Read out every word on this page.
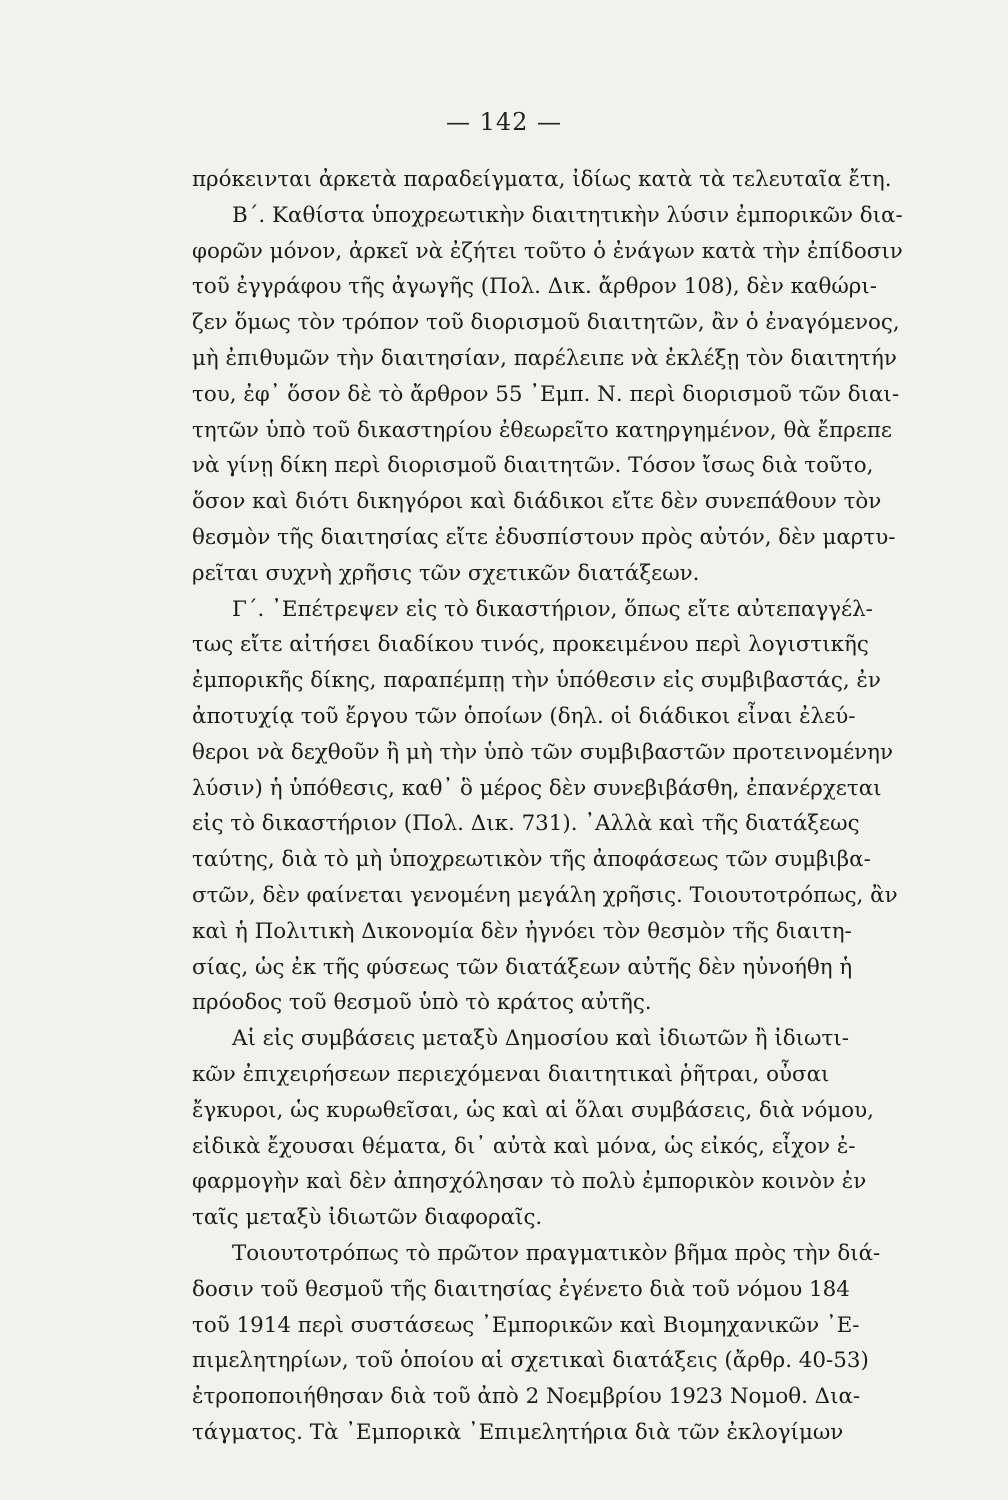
— 142 —
πρόκεινται ἀρκετὰ παραδείγματα, ἰδίως κατὰ τὰ τελευταῖα ἔτη.
Β΄. Καθίστα ὑποχρεωτικὴν διαιτητικὴν λύσιν ἐμπορικῶν δια-
φορῶν μόνον, ἀρκεῖ νὰ ἐζήτει τοῦτο ὁ ἐνάγων κατὰ τὴν ἐπίδοσιν
τοῦ ἐγγράφου τῆς ἀγωγῆς (Πολ. Δικ. ἄρθρον 108), δὲν καθώρι-
ζεν ὅμως τὸν τρόπον τοῦ διορισμοῦ διαιτητῶν, ἂν ὁ ἐναγόμενος,
μὴ ἐπιθυμῶν τὴν διαιτησίαν, παρέλειπε νὰ ἐκλέξῃ τὸν διαιτητήν
του, ἐφ᾽ ὅσον δὲ τὸ ἄρθρον 55 ᾿Εμπ. Ν. περὶ διορισμοῦ τῶν διαι-
τητῶν ὑπὸ τοῦ δικαστηρίου ἐθεωρεῖτο κατηργημένον, θὰ ἔπρεπε
νὰ γίνῃ δίκη περὶ διορισμοῦ διαιτητῶν. Τόσον ἴσως διὰ τοῦτο,
ὅσον καὶ διότι δικηγόροι καὶ διάδικοι εἴτε δὲν συνεπάθουν τὸν
θεσμὸν τῆς διαιτησίας εἴτε ἐδυσπίστουν πρὸς αὐτόν, δὲν μαρτυ-
ρεῖται συχνὴ χρῆσις τῶν σχετικῶν διατάξεων.
Γ΄. ᾿Επέτρεψεν εἰς τὸ δικαστήριον, ὅπως εἴτε αὐτεπαγγέλ-
τως εἴτε αἰτήσει διαδίκου τινός, προκειμένου περὶ λογιστικῆς
ἐμπορικῆς δίκης, παραπέμπῃ τὴν ὑπόθεσιν εἰς συμβιβαστάς, ἐν
ἀποτυχίᾳ τοῦ ἔργου τῶν ὁποίων (δηλ. οἱ διάδικοι εἶναι ἐλεύ-
θεροι νὰ δεχθοῦν ἢ μὴ τὴν ὑπὸ τῶν συμβιβαστῶν προτεινομένην
λύσιν) ἡ ὑπόθεσις, καθ᾽ ὃ μέρος δὲν συνεβιβάσθη, ἐπανέρχεται
εἰς τὸ δικαστήριον (Πολ. Δικ. 731). ᾿Αλλὰ καὶ τῆς διατάξεως
ταύτης, διὰ τὸ μὴ ὑποχρεωτικὸν τῆς ἀποφάσεως τῶν συμβιβα-
στῶν, δὲν φαίνεται γενομένη μεγάλη χρῆσις. Τοιουτοτρόπως, ἂν
καὶ ἡ Πολιτικὴ Δικονομία δὲν ἠγνόει τὸν θεσμὸν τῆς διαιτη-
σίας, ὡς ἐκ τῆς φύσεως τῶν διατάξεων αὐτῆς δὲν ηὐνοήθη ἡ
πρόοδος τοῦ θεσμοῦ ὑπὸ τὸ κράτος αὐτῆς.
Αἱ εἰς συμβάσεις μεταξὺ Δημοσίου καὶ ἰδιωτῶν ἢ ἰδιωτι-
κῶν ἐπιχειρήσεων περιεχόμεναι διαιτητικαὶ ῥῆτραι, οὖσαι
ἔγκυροι, ὡς κυρωθεῖσαι, ὡς καὶ αἱ ὅλαι συμβάσεις, διὰ νόμου,
εἰδικὰ ἔχουσαι θέματα, δι᾽ αὐτὰ καὶ μόνα, ὡς εἰκός, εἶχον ἐ-
φαρμογὴν καὶ δὲν ἀπησχόλησαν τὸ πολὺ ἐμπορικὸν κοινὸν ἐν
ταῖς μεταξὺ ἰδιωτῶν διαφοραῖς.
Τοιουτοτρόπως τὸ πρῶτον πραγματικὸν βῆμα πρὸς τὴν διά-
δοσιν τοῦ θεσμοῦ τῆς διαιτησίας ἐγένετο διὰ τοῦ νόμου 184
τοῦ 1914 περὶ συστάσεως ᾿Εμπορικῶν καὶ Βιομηχανικῶν ᾿Ε-
πιμελητηρίων, τοῦ ὁποίου αἱ σχετικαὶ διατάξεις (ἄρθρ. 40-53)
ἐτροποποιήθησαν διὰ τοῦ ἀπὸ 2 Νοεμβρίου 1923 Νομοθ. Δια-
τάγματος. Τὰ ᾿Εμπορικὰ ᾿Επιμελητήρια διὰ τῶν ἐκλογίμων
